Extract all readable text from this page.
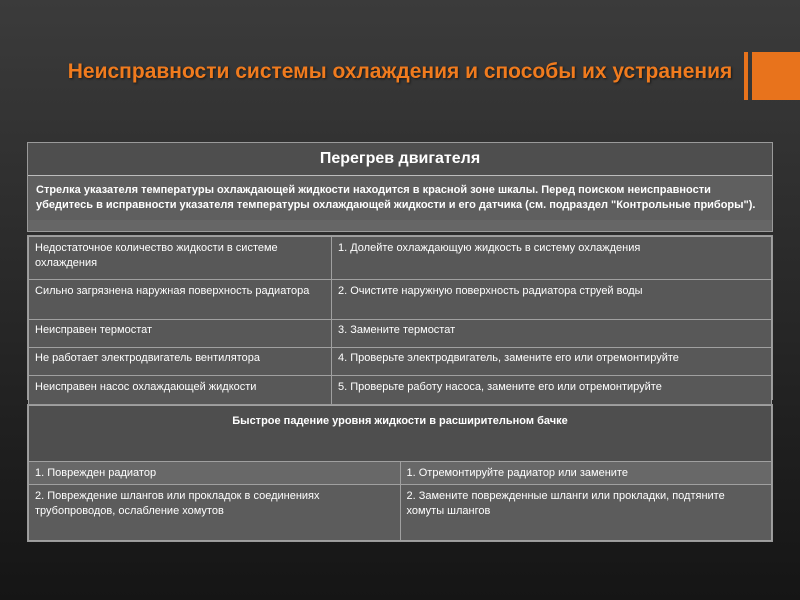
Неисправности системы охлаждения и способы их устранения
Перегрев двигателя
Стрелка указателя температуры охлаждающей жидкости находится в красной зоне шкалы. Перед поиском неисправности убедитесь в исправности указателя температуры охлаждающей жидкости и его датчика (см. подраздел "Контрольные приборы").
Недостаточное количество жидкости в системе охлаждения	1. Долейте охлаждающую жидкость в систему охлаждения
Сильно загрязнена наружная поверхность радиатора	2. Очистите наружную поверхность радиатора струей воды
Неисправен термостат	3. Замените термостат
Не работает электродвигатель вентилятора	4. Проверьте электродвигатель, замените его или отремонтируйте
Неисправен насос охлаждающей жидкости	5. Проверьте работу насоса, замените его или отремонтируйте
Быстрое падение уровня жидкости в расширительном бачке	
1. Поврежден радиатор	1. Отремонтируйте радиатор или замените
2. Повреждение шлангов или прокладок в соединениях трубопроводов, ослабление хомутов	2. Замените поврежденные шланги или прокладки, подтяните хомуты шлангов
